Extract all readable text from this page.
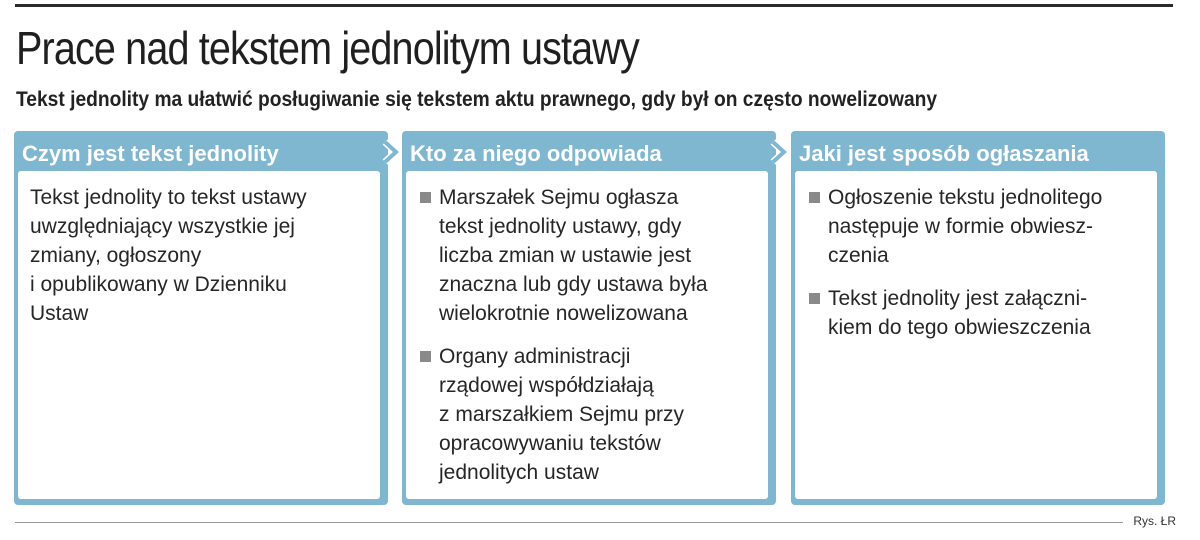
Prace nad tekstem jednolitym ustawy

Tekst jednolity ma ułatwić posługiwanie się tekstem aktu prawnego, gdy był on często nowelizowany

Czym jest tekst jednolity

Tekst jednolity to tekst ustawy
uwzględniający wszystkie jej
zmiany, ogłoszony
i opublikowany w Dzienniku
Ustaw

Kto za niego odpowiada
Marszałek Sejmu ogłasza
tekst jednolity ustawy, gdy
liczba zmian w ustawie jest
znaczna lub gdy ustawa była
wielokrotnie nowelizowana
Organy administracji
rządowej współdziałają
z marszałkiem Sejmu przy
opracowywaniu tekstów
jednolitych ustaw
Jaki jest sposób ogłaszania
Ogłoszenie tekstu jednolitego
następuje w formie obwiesz-
czenia
Tekst jednolity jest załączni-
kiem do tego obwieszczenia
Rys. ŁR
